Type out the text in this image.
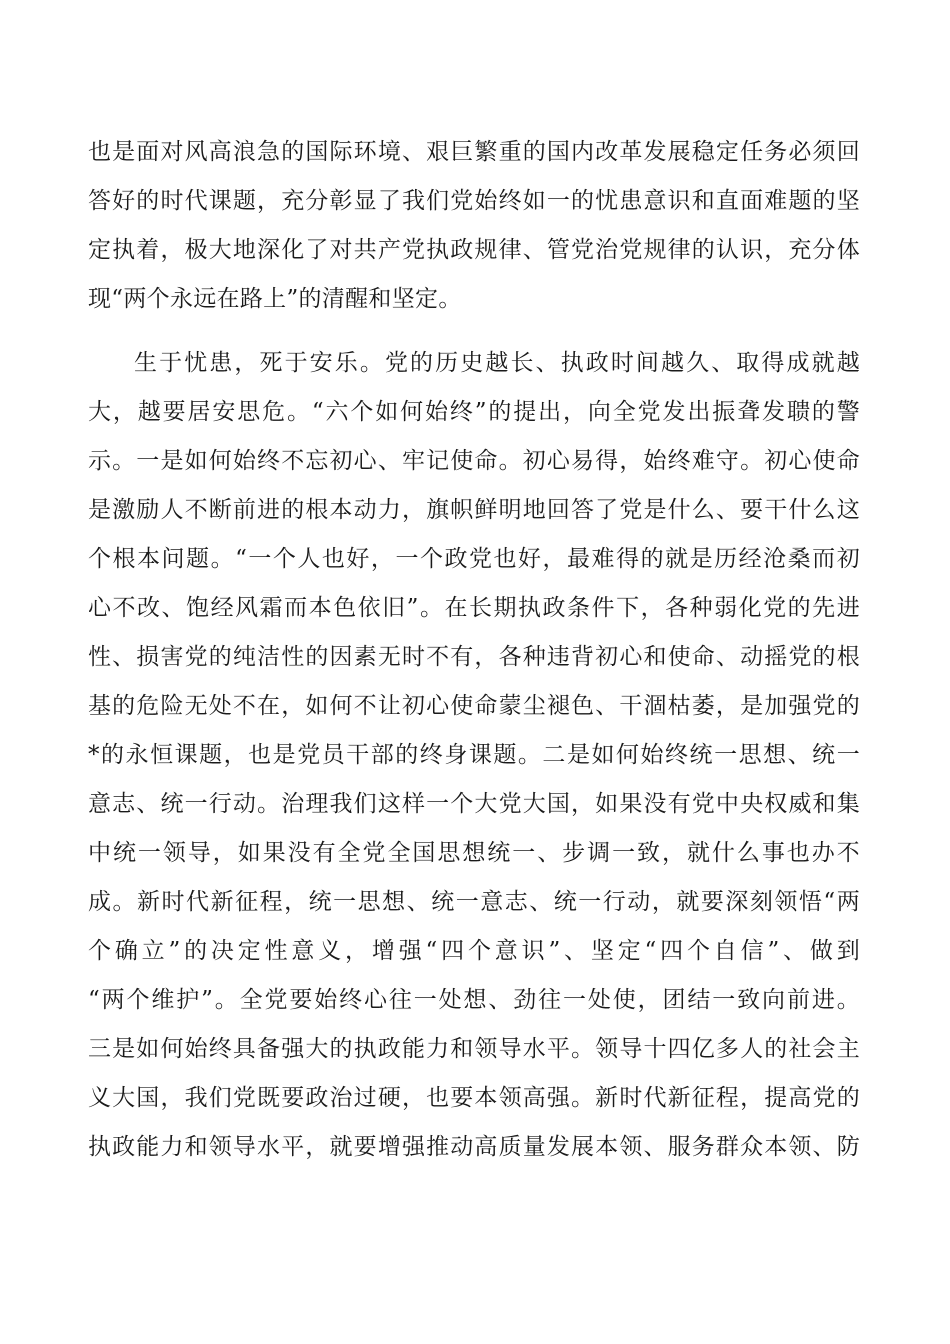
也是面对风高浪急的国际环境、艰巨繁重的国内改革发展稳定任务必须回
答好的时代课题，充分彰显了我们党始终如一的忧患意识和直面难题的坚
定执着，极大地深化了对共产党执政规律、管党治党规律的认识，充分体
现“两个永远在路上”的清醒和坚定。
生于忧患，死于安乐。党的历史越长、执政时间越久、取得成就越
大，越要居安思危。“六个如何始终”的提出，向全党发出振聋发聩的警
示。一是如何始终不忘初心、牢记使命。初心易得，始终难守。初心使命
是激励人不断前进的根本动力，旗帜鲜明地回答了党是什么、要干什么这
个根本问题。“一个人也好，一个政党也好，最难得的就是历经沧桑而初
心不改、饱经风霜而本色依旧”。在长期执政条件下，各种弱化党的先进
性、损害党的纯洁性的因素无时不有，各种违背初心和使命、动摇党的根
基的危险无处不在，如何不让初心使命蒙尘褪色、干涸枯萎，是加强党的
*的永恒课题，也是党员干部的终身课题。二是如何始终统一思想、统一
意志、统一行动。治理我们这样一个大党大国，如果没有党中央权威和集
中统一领导，如果没有全党全国思想统一、步调一致，就什么事也办不
成。新时代新征程，统一思想、统一意志、统一行动，就要深刻领悟“两
个确立”的决定性意义，增强“四个意识”、坚定“四个自信”、做到
“两个维护”。全党要始终心往一处想、劲往一处使，团结一致向前进。
三是如何始终具备强大的执政能力和领导水平。领导十四亿多人的社会主
义大国，我们党既要政治过硬，也要本领高强。新时代新征程，提高党的
执政能力和领导水平，就要增强推动高质量发展本领、服务群众本领、防
